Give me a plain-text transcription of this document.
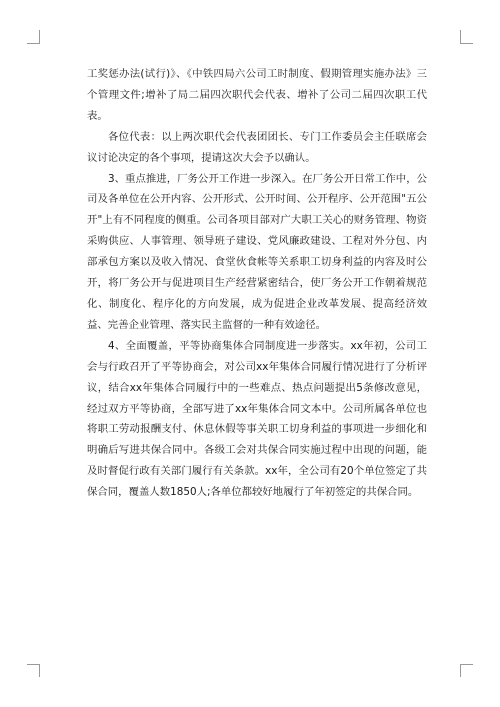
工奖惩办法(试行)》、《中铁四局六公司工时制度、假期管理实施办法》三个管理文件;增补了局二届四次职代会代表、增补了公司二届四次职工代表。

各位代表：以上两次职代会代表团团长、专门工作委员会主任联席会议讨论决定的各个事项，提请这次大会予以确认。

3、重点推进，厂务公开工作进一步深入。在厂务公开日常工作中，公司及各单位在公开内容、公开形式、公开时间、公开程序、公开范围"五公开"上有不同程度的侧重。公司各项目部对广大职工关心的财务管理、物资采购供应、人事管理、领导班子建设、党风廉政建设、工程对外分包、内部承包方案以及收入情况、食堂伙食帐等关系职工切身利益的内容及时公开，将厂务公开与促进项目生产经营紧密结合，使厂务公开工作朝着规范化、制度化、程序化的方向发展，成为促进企业改革发展、提高经济效益、完善企业管理、落实民主监督的一种有效途径。

4、全面覆盖，平等协商集体合同制度进一步落实。xx年初，公司工会与行政召开了平等协商会，对公司xx年集体合同履行情况进行了分析评议，结合xx年集体合同履行中的一些难点、热点问题提出5条修改意见，经过双方平等协商，全部写进了xx年集体合同文本中。公司所属各单位也将职工劳动报酬支付、休息休假等事关职工切身利益的事项进一步细化和明确后写进共保合同中。各级工会对共保合同实施过程中出现的问题，能及时督促行政有关部门履行有关条款。xx年，全公司有20个单位签定了共保合同，覆盖人数1850人;各单位都较好地履行了年初签定的共保合同。
